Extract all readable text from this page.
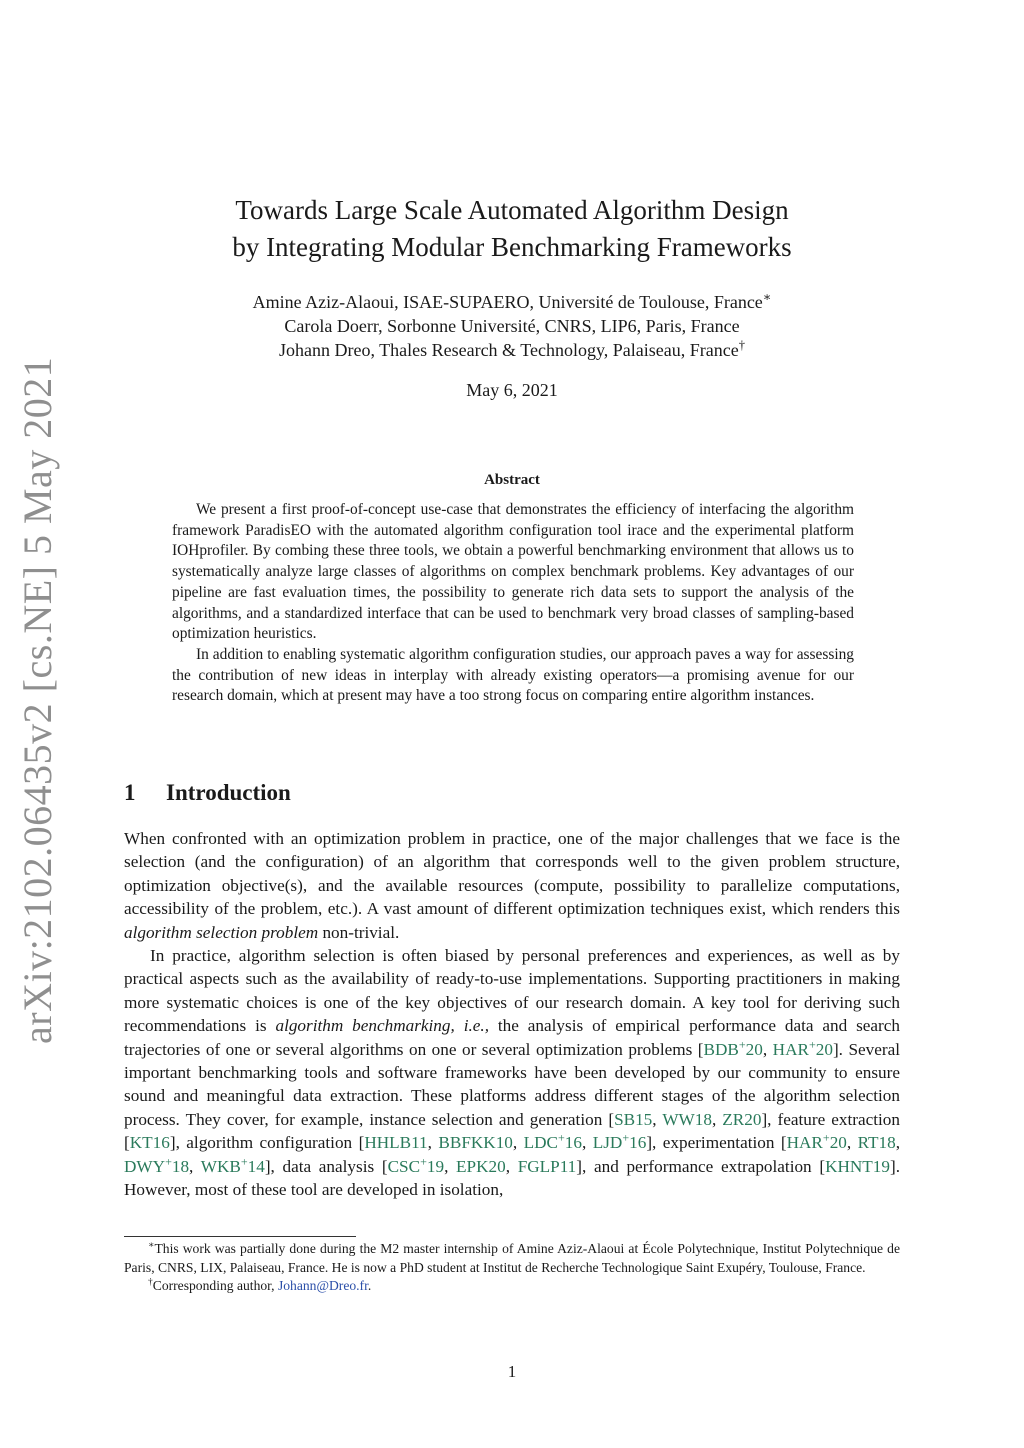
arXiv:2102.06435v2 [cs.NE] 5 May 2021
Towards Large Scale Automated Algorithm Design
by Integrating Modular Benchmarking Frameworks
Amine Aziz-Alaoui, ISAE-SUPAERO, Université de Toulouse, France∗
Carola Doerr, Sorbonne Université, CNRS, LIP6, Paris, France
Johann Dreo, Thales Research & Technology, Palaiseau, France†
May 6, 2021
Abstract

We present a first proof-of-concept use-case that demonstrates the efficiency of interfacing the algorithm framework ParadisEO with the automated algorithm configuration tool irace and the experimental platform IOHprofiler. By combing these three tools, we obtain a powerful benchmarking environment that allows us to systematically analyze large classes of algorithms on complex benchmark problems. Key advantages of our pipeline are fast evaluation times, the possibility to generate rich data sets to support the analysis of the algorithms, and a standardized interface that can be used to benchmark very broad classes of sampling-based optimization heuristics.

In addition to enabling systematic algorithm configuration studies, our approach paves a way for assessing the contribution of new ideas in interplay with already existing operators—a promising avenue for our research domain, which at present may have a too strong focus on comparing entire algorithm instances.

1 Introduction

When confronted with an optimization problem in practice, one of the major challenges that we face is the selection (and the configuration) of an algorithm that corresponds well to the given problem structure, optimization objective(s), and the available resources (compute, possibility to parallelize computations, accessibility of the problem, etc.). A vast amount of different optimization techniques exist, which renders this algorithm selection problem non-trivial.

In practice, algorithm selection is often biased by personal preferences and experiences, as well as by practical aspects such as the availability of ready-to-use implementations. Supporting practitioners in making more systematic choices is one of the key objectives of our research domain. A key tool for deriving such recommendations is algorithm benchmarking, i.e., the analysis of empirical performance data and search trajectories of one or several algorithms on one or several optimization problems [BDB+20, HAR+20]. Several important benchmarking tools and software frameworks have been developed by our community to ensure sound and meaningful data extraction. These platforms address different stages of the algorithm selection process. They cover, for example, instance selection and generation [SB15, WW18, ZR20], feature extraction [KT16], algorithm configuration [HHLB11, BBFKK10, LDC+16, LJD+16], experimentation [HAR+20, RT18, DWY+18, WKB+14], data analysis [CSC+19, EPK20, FGLP11], and performance extrapolation [KHNT19]. However, most of these tool are developed in isolation,

∗This work was partially done during the M2 master internship of Amine Aziz-Alaoui at École Polytechnique, Institut Polytechnique de Paris, CNRS, LIX, Palaiseau, France. He is now a PhD student at Institut de Recherche Technologique Saint Exupéry, Toulouse, France.

†Corresponding author, Johann@Dreo.fr.

1
